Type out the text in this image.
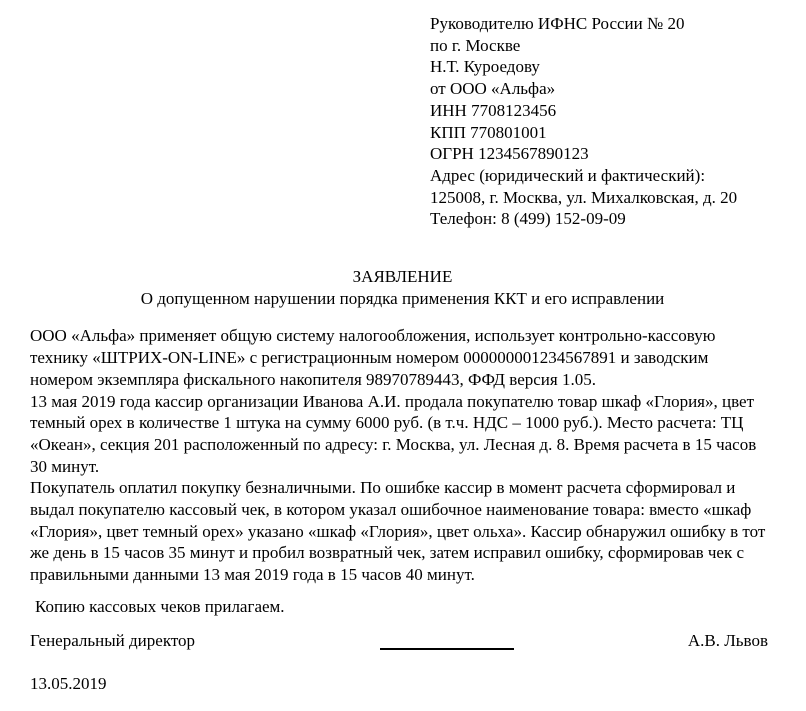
Руководителю ИФНС России № 20
по г. Москве
Н.Т. Куроедову
от ООО «Альфа»
ИНН 7708123456
КПП 770801001
ОГРН 1234567890123
Адрес (юридический и фактический):
125008, г. Москва, ул. Михалковская, д. 20
Телефон: 8 (499) 152-09-09
ЗАЯВЛЕНИЕ
О допущенном нарушении порядка применения ККТ и его исправлении

ООО «Альфа» применяет общую систему налогообложения, использует контрольно-кассовую технику «ШТРИХ-ON-LINE» с регистрационным номером 000000001234567891 и заводским номером экземпляра фискального накопителя 98970789443, ФФД версия 1.05.

13 мая 2019 года кассир организации Иванова А.И. продала покупателю товар шкаф «Глория», цвет темный орех в количестве 1 штука на сумму 6000 руб. (в т.ч. НДС – 1000 руб.). Место расчета: ТЦ «Океан», секция 201 расположенный по адресу: г. Москва, ул. Лесная д. 8. Время расчета в 15 часов 30 минут.

Покупатель оплатил покупку безналичными. По ошибке кассир в момент расчета сформировал и выдал покупателю кассовый чек, в котором указал ошибочное наименование товара: вместо «шкаф «Глория», цвет темный орех» указано «шкаф «Глория», цвет ольха». Кассир обнаружил ошибку в тот же день в 15 часов 35 минут и пробил возвратный чек, затем исправил ошибку, сформировав чек с правильными данными 13 мая 2019 года в 15 часов 40 минут.

Копию кассовых чеков прилагаем.

Генеральный директор	А.В. Львов
13.05.2019
